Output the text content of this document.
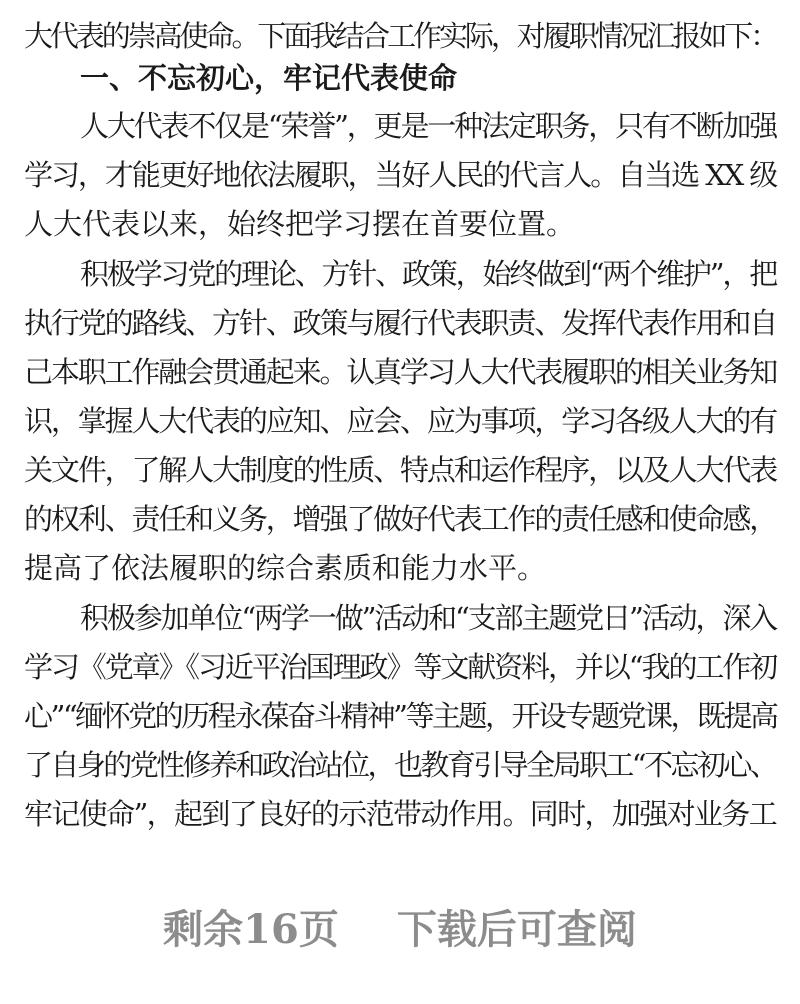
大代表的崇高使命。下面我结合工作实际，对履职情况汇报如下：
一、不忘初心，牢记代表使命
人大代表不仅是“荣誉”，更是一种法定职务，只有不断加强
学习，才能更好地依法履职，当好人民的代言人。自当选 XX 级
人大代表以来，始终把学习摆在首要位置。
积极学习党的理论、方针、政策，始终做到“两个维护”，把
执行党的路线、方针、政策与履行代表职责、发挥代表作用和自
己本职工作融会贯通起来。认真学习人大代表履职的相关业务知
识，掌握人大代表的应知、应会、应为事项，学习各级人大的有
关文件，了解人大制度的性质、特点和运作程序，以及人大代表
的权利、责任和义务，增强了做好代表工作的责任感和使命感，
提高了依法履职的综合素质和能力水平。
积极参加单位“两学一做”活动和“支部主题党日”活动，深入
学习《党章》《习近平治国理政》等文献资料，并以“我的工作初
心”“缅怀党的历程永葆奋斗精神”等主题，开设专题党课，既提高
了自身的党性修养和政治站位，也教育引导全局职工“不忘初心、
牢记使命”，起到了良好的示范带动作用。同时，加强对业务工
剩余16页 下载后可查阅
